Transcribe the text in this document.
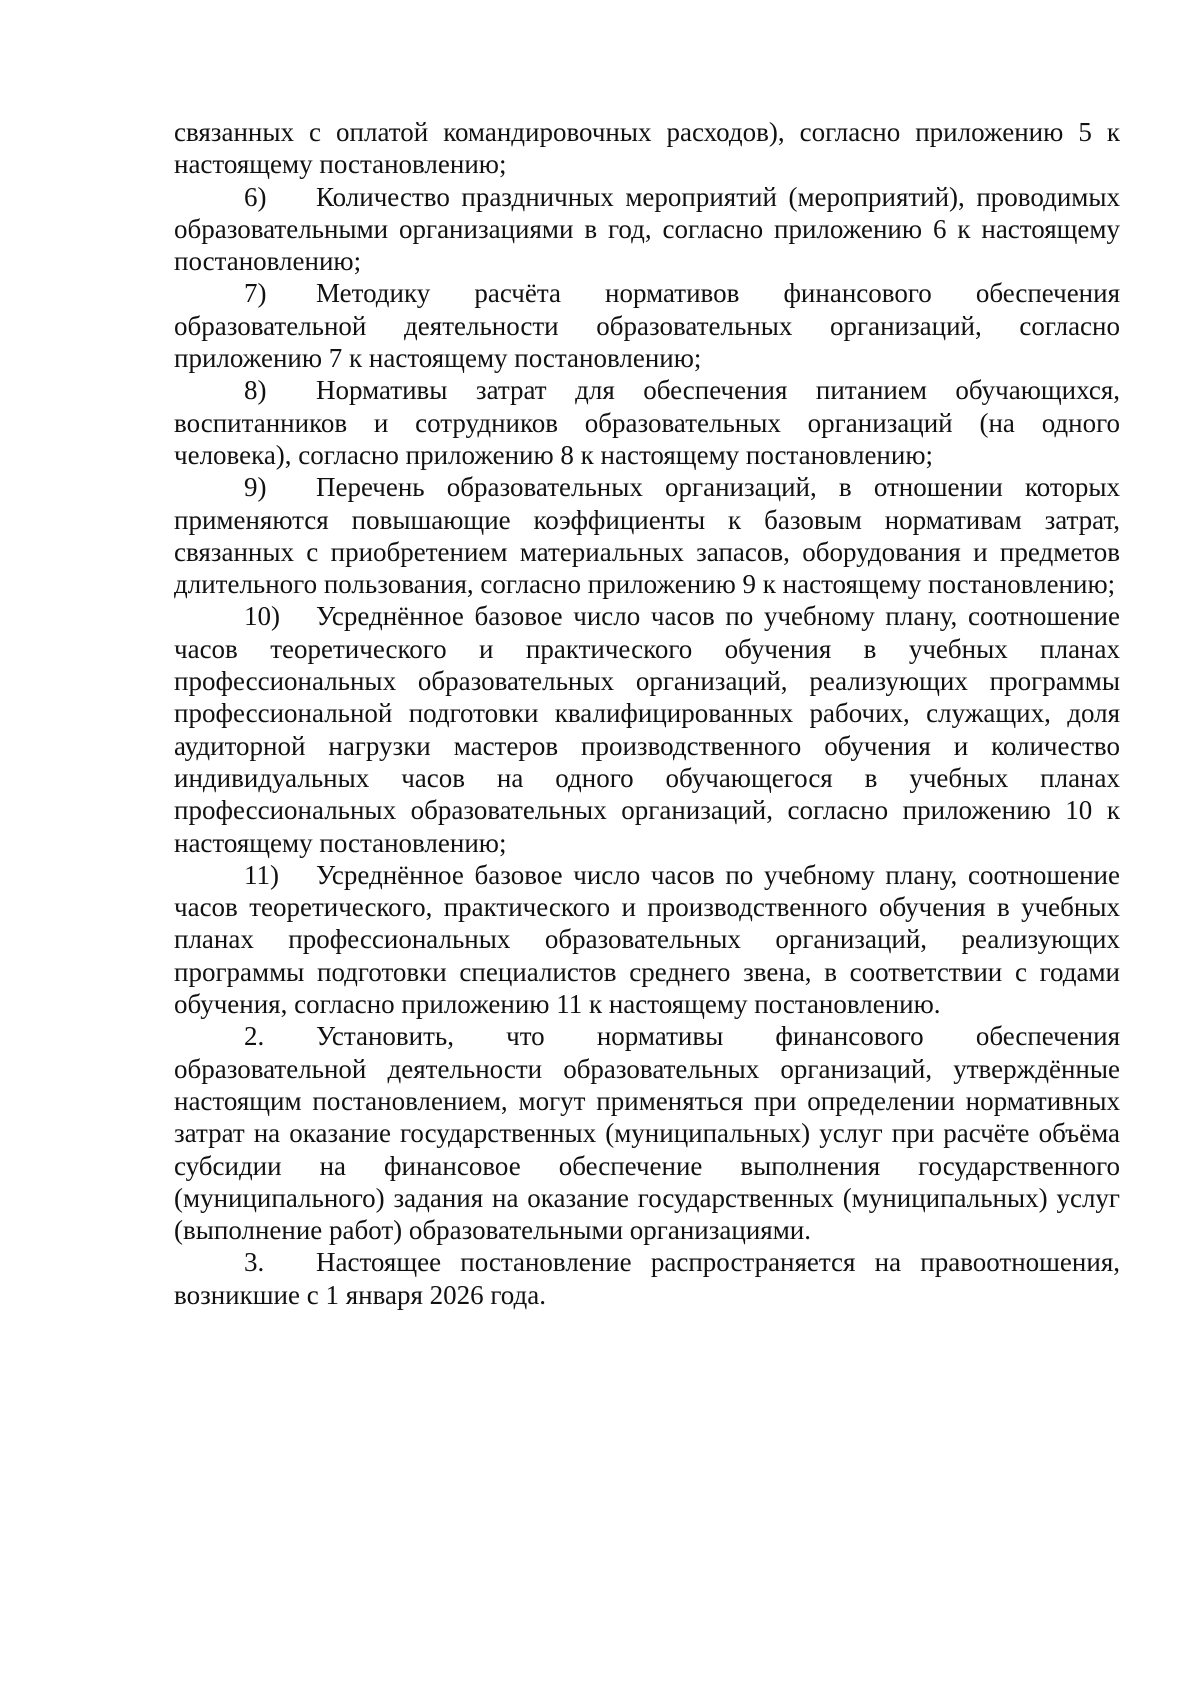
связанных с оплатой командировочных расходов), согласно приложению 5 к настоящему постановлению;

6) Количество праздничных мероприятий (мероприятий), проводимых образовательными организациями в год, согласно приложению 6 к настоящему постановлению;

7) Методику расчёта нормативов финансового обеспечения образовательной деятельности образовательных организаций, согласно приложению 7 к настоящему постановлению;

8) Нормативы затрат для обеспечения питанием обучающихся, воспитанников и сотрудников образовательных организаций (на одного человека), согласно приложению 8 к настоящему постановлению;

9) Перечень образовательных организаций, в отношении которых применяются повышающие коэффициенты к базовым нормативам затрат, связанных с приобретением материальных запасов, оборудования и предметов длительного пользования, согласно приложению 9 к настоящему постановлению;

10) Усреднённое базовое число часов по учебному плану, соотношение часов теоретического и практического обучения в учебных планах профессиональных образовательных организаций, реализующих программы профессиональной подготовки квалифицированных рабочих, служащих, доля аудиторной нагрузки мастеров производственного обучения и количество индивидуальных часов на одного обучающегося в учебных планах профессиональных образовательных организаций, согласно приложению 10 к настоящему постановлению;

11) Усреднённое базовое число часов по учебному плану, соотношение часов теоретического, практического и производственного обучения в учебных планах профессиональных образовательных организаций, реализующих программы подготовки специалистов среднего звена, в соответствии с годами обучения, согласно приложению 11 к настоящему постановлению.

2. Установить, что нормативы финансового обеспечения образовательной деятельности образовательных организаций, утверждённые настоящим постановлением, могут применяться при определении нормативных затрат на оказание государственных (муниципальных) услуг при расчёте объёма субсидии на финансовое обеспечение выполнения государственного (муниципального) задания на оказание государственных (муниципальных) услуг (выполнение работ) образовательными организациями.

3. Настоящее постановление распространяется на правоотношения, возникшие с 1 января 2026 года.
